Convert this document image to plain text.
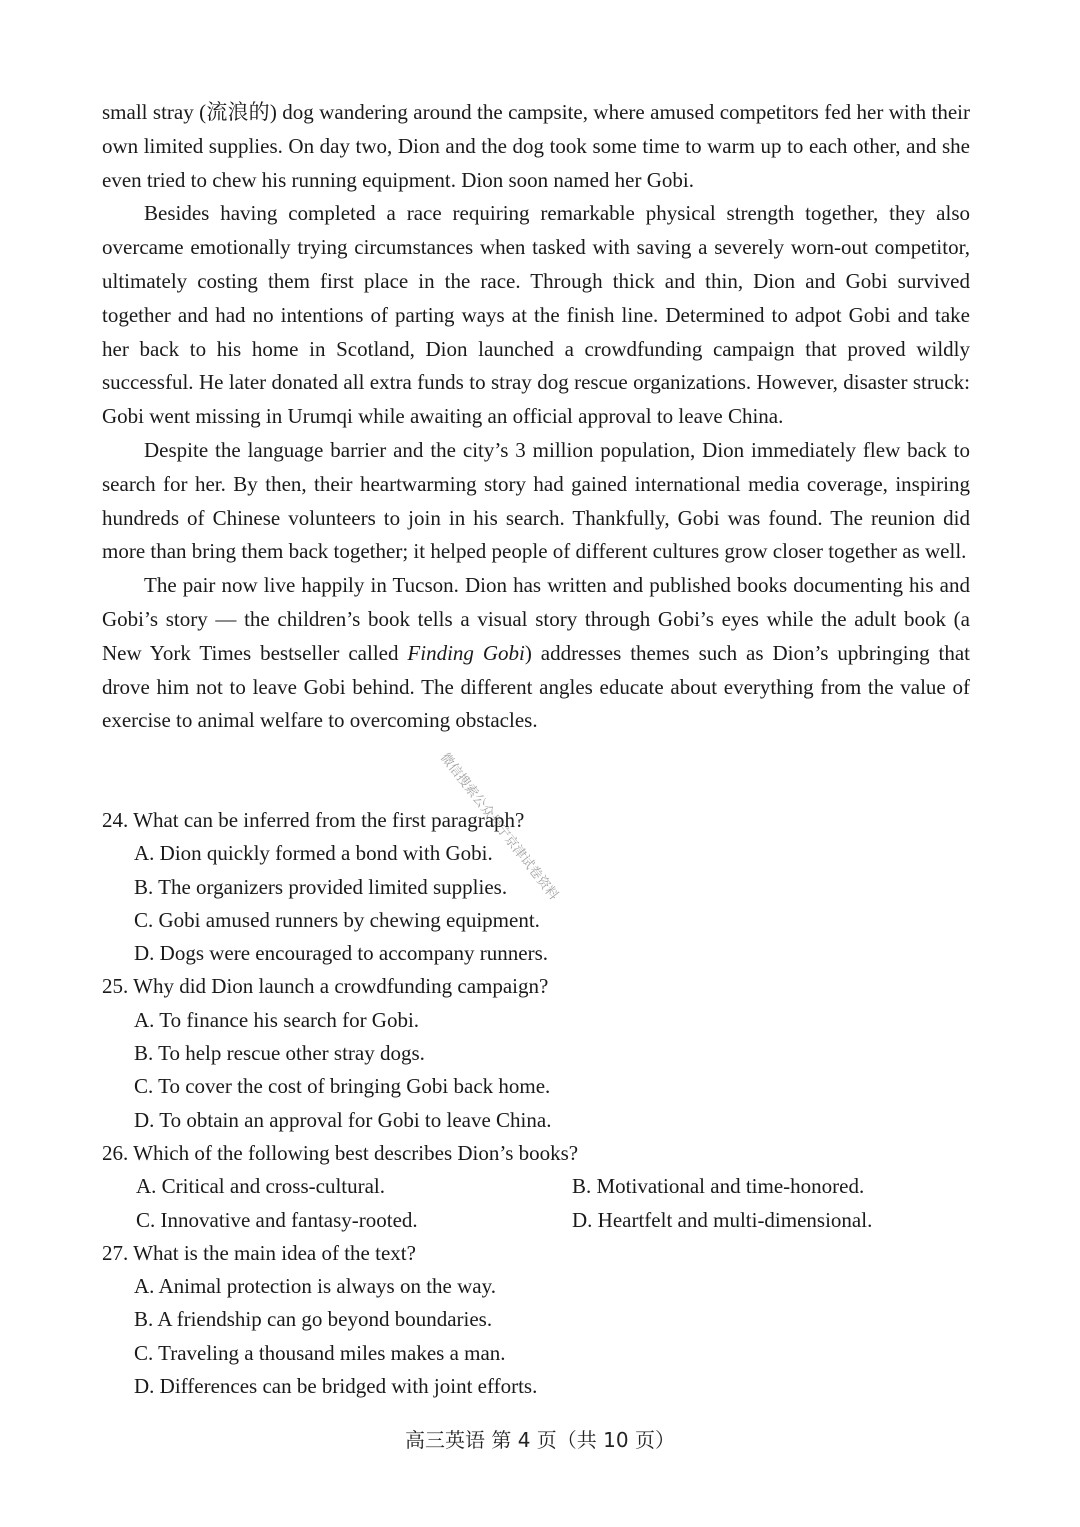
small stray (流浪的) dog wandering around the campsite, where amused competitors fed her with their own limited supplies. On day two, Dion and the dog took some time to warm up to each other, and she even tried to chew his running equipment. Dion soon named her Gobi.

Besides having completed a race requiring remarkable physical strength together, they also overcame emotionally trying circumstances when tasked with saving a severely worn-out competitor, ultimately costing them first place in the race. Through thick and thin, Dion and Gobi survived together and had no intentions of parting ways at the finish line. Determined to adpot Gobi and take her back to his home in Scotland, Dion launched a crowdfunding campaign that proved wildly successful. He later donated all extra funds to stray dog rescue organizations. However, disaster struck: Gobi went missing in Urumqi while awaiting an official approval to leave China.

Despite the language barrier and the city’s 3 million population, Dion immediately flew back to search for her. By then, their heartwarming story had gained international media coverage, inspiring hundreds of Chinese volunteers to join in his search. Thankfully, Gobi was found. The reunion did more than bring them back together; it helped people of different cultures grow closer together as well.

The pair now live happily in Tucson. Dion has written and published books documenting his and Gobi’s story — the children’s book tells a visual story through Gobi’s eyes while the adult book (a New York Times bestseller called Finding Gobi) addresses themes such as Dion’s upbringing that drove him not to leave Gobi behind. The different angles educate about everything from the value of exercise to animal welfare to overcoming obstacles.

微信搜索公众号宁京津试卷资料

24. What can be inferred from the first paragraph?

A. Dion quickly formed a bond with Gobi.

B. The organizers provided limited supplies.

C. Gobi amused runners by chewing equipment.

D. Dogs were encouraged to accompany runners.

25. Why did Dion launch a crowdfunding campaign?

A. To finance his search for Gobi.

B. To help rescue other stray dogs.

C. To cover the cost of bringing Gobi back home.

D. To obtain an approval for Gobi to leave China.

26. Which of the following best describes Dion’s books?

A. Critical and cross-cultural.	B. Motivational and time-honored.
C. Innovative and fantasy-rooted.	D. Heartfelt and multi-dimensional.

27. What is the main idea of the text?

A. Animal protection is always on the way.

B. A friendship can go beyond boundaries.

C. Traveling a thousand miles makes a man.

D. Differences can be bridged with joint efforts.

高三英语 第 4 页（共 10 页）
